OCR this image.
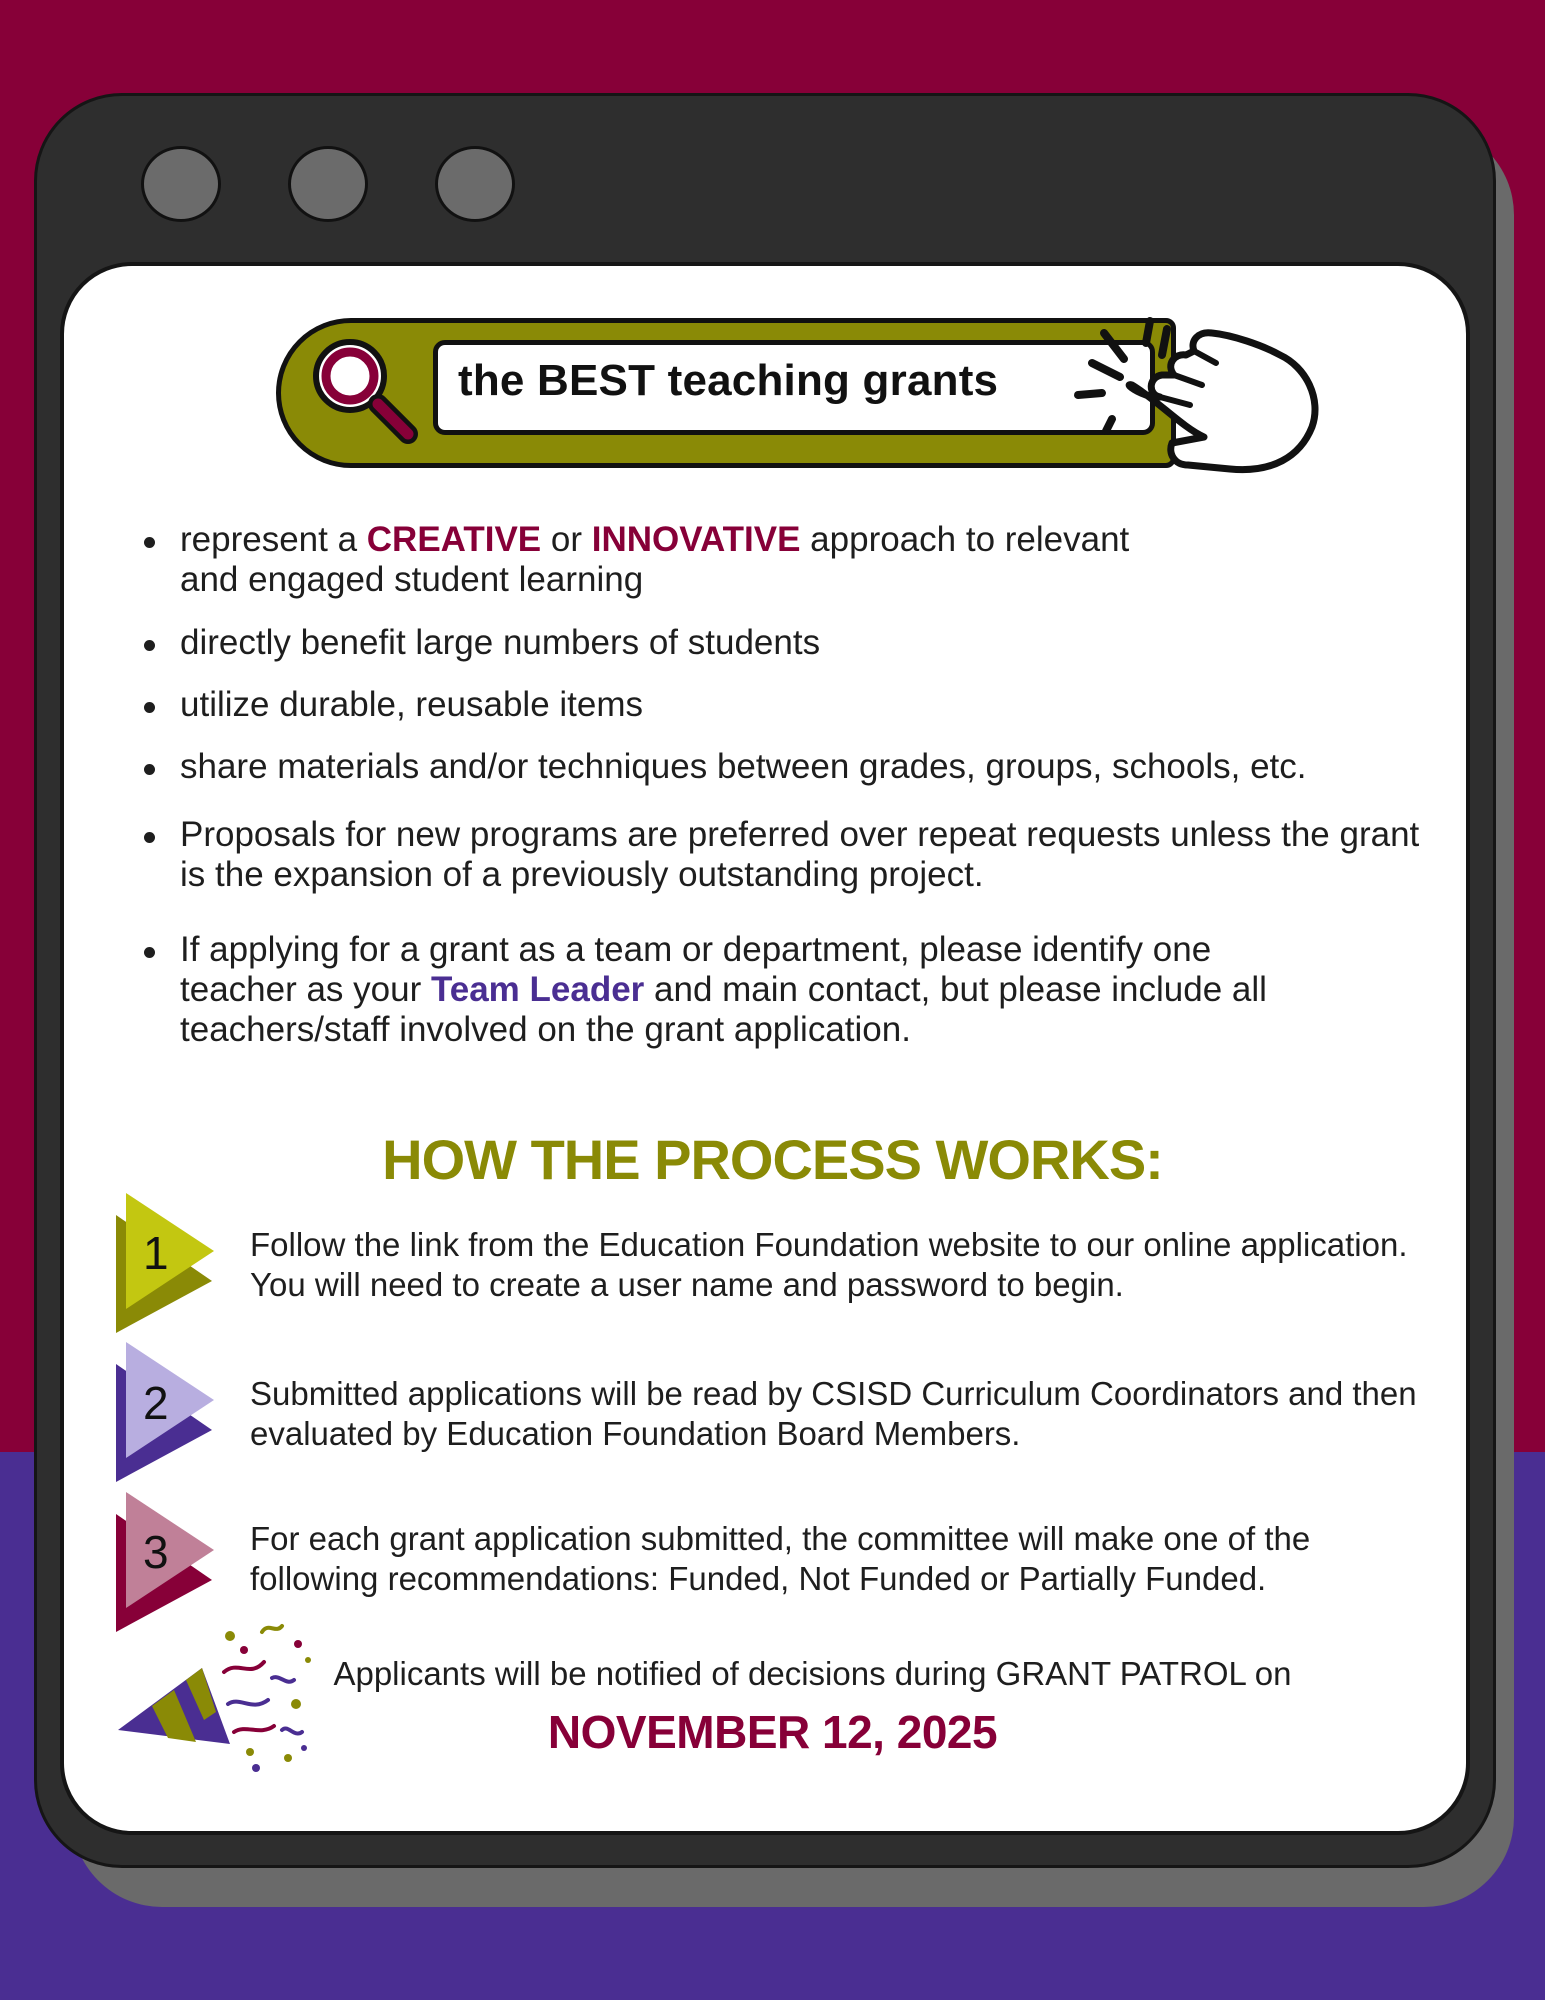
the BEST teaching grants
represent a CREATIVE or INNOVATIVE approach to relevant
and engaged student learning
directly benefit large numbers of students
utilize durable, reusable items
share materials and/or techniques between grades, groups, schools, etc.
Proposals for new programs are preferred over repeat requests unless the grant is the expansion of a previously outstanding project.
If applying for a grant as a team or department, please identify one
teacher as your Team Leader and main contact, but please include all
teachers/staff involved on the grant application.
HOW THE PROCESS WORKS:
1 Follow the link from the Education Foundation website to our online application. You will need to create a user name and password to begin.
2 Submitted applications will be read by CSISD Curriculum Coordinators and then evaluated by Education Foundation Board Members.
3 For each grant application submitted, the committee will make one of the following recommendations: Funded, Not Funded or Partially Funded.
Applicants will be notified of decisions during GRANT PATROL on
NOVEMBER 12, 2025
